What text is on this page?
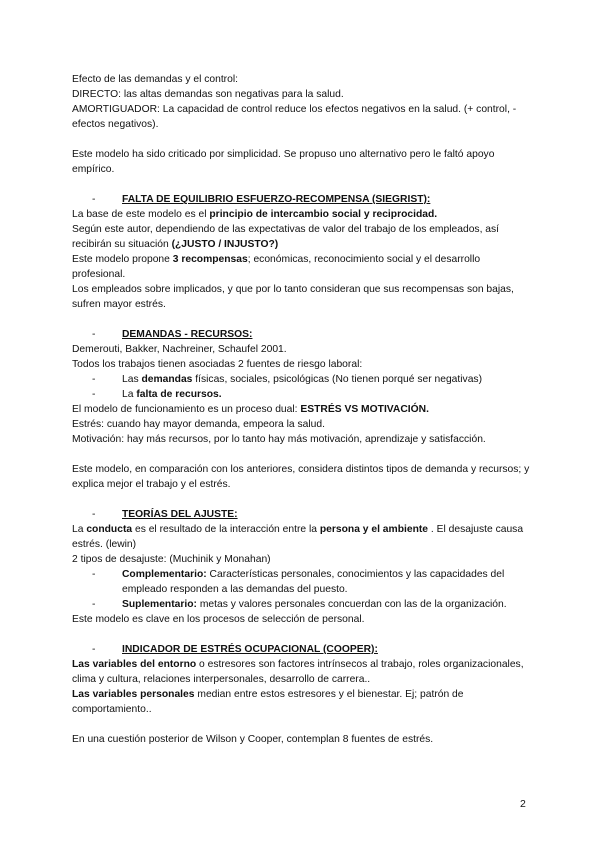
Efecto de las demandas y el control:

DIRECTO: las altas demandas son negativas para la salud.

AMORTIGUADOR: La capacidad de control reduce los efectos negativos en la salud. (+ control, - efectos negativos).

Este modelo ha sido criticado por simplicidad. Se propuso uno alternativo pero le faltó apoyo empírico.

-	FALTA DE EQUILIBRIO ESFUERZO-RECOMPENSA (SIEGRIST):

La base de este modelo es el principio de intercambio social y reciprocidad.

Según este autor, dependiendo de las expectativas de valor del trabajo de los empleados, así recibirán su situación (¿JUSTO / INJUSTO?)

Este modelo propone 3 recompensas; económicas, reconocimiento social y el desarrollo profesional.

Los empleados sobre implicados, y que por lo tanto consideran que sus recompensas son bajas, sufren mayor estrés.

-	DEMANDAS - RECURSOS:

Demerouti, Bakker, Nachreiner, Schaufel 2001.

Todos los trabajos tienen asociadas 2 fuentes de riesgo laboral:

-	Las demandas físicas, sociales, psicológicas (No tienen porqué ser negativas)

-	La falta de recursos.

El modelo de funcionamiento es un proceso dual: ESTRÉS VS MOTIVACIÓN.

Estrés: cuando hay mayor demanda, empeora la salud.

Motivación: hay más recursos, por lo tanto hay más motivación, aprendizaje y satisfacción.

Este modelo, en comparación con los anteriores, considera distintos tipos de demanda y recursos; y explica mejor el trabajo y el estrés.

-	TEORÍAS DEL AJUSTE:

La conducta es el resultado de la interacción entre la persona y el ambiente . El desajuste causa estrés. (lewin)

2 tipos de desajuste: (Muchinik y Monahan)

-	Complementario: Características personales, conocimientos y las capacidades del empleado responden a las demandas del puesto.

-	Suplementario: metas y valores personales concuerdan con las de la organización.

Este modelo es clave en los procesos de selección de personal.

-	INDICADOR DE ESTRÉS OCUPACIONAL (COOPER):

Las variables del entorno o estresores son factores intrínsecos al trabajo, roles organizacionales, clima y cultura, relaciones interpersonales, desarrollo de carrera..

Las variables personales median entre estos estresores y el bienestar. Ej; patrón de comportamiento..

En una cuestión posterior de Wilson y Cooper, contemplan 8 fuentes de estrés.

2
